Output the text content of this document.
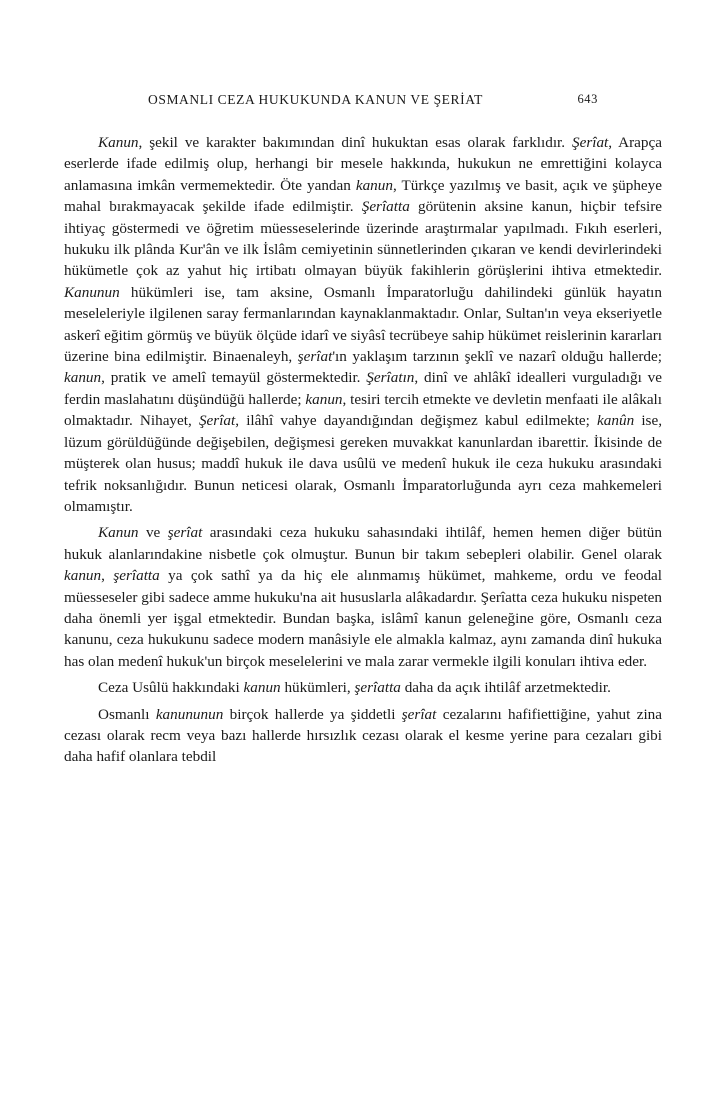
OSMANLI CEZA HUKUKUNDA KANUN VE ŞERİAT	643

Kanun, şekil ve karakter bakımından dinî hukuktan esas olarak farklıdır. Şerîat, Arapça eserlerde ifade edilmiş olup, herhangi bir mesele hakkında, hukukun ne emrettiğini kolayca anlamasına imkân vermemektedir. Öte yandan kanun, Türkçe yazılmış ve basit, açık ve şüpheye mahal bırakmayacak şekilde ifade edilmiştir. Şerîatta görütenin aksine kanun, hiçbir tefsire ihtiyaç göstermedi ve öğretim müesseselerinde üzerinde araştırmalar yapılmadı. Fıkıh eserleri, hukuku ilk plânda Kur'ân ve ilk İslâm cemiyetinin sünnetlerinden çıkaran ve kendi devirlerindeki hükümetle çok az yahut hiç irtibatı olmayan büyük fakihlerin görüşlerini ihtiva etmektedir. Kanunun hükümleri ise, tam aksine, Osmanlı İmparatorluğu dahilindeki günlük hayatın meseleleriyle ilgilenen saray fermanlarından kaynaklanmaktadır. Onlar, Sultan'ın veya ekseriyetle askerî eğitim görmüş ve büyük ölçüde idarî ve siyâsî tecrübeye sahip hükümet reislerinin kararları üzerine bina edilmiştir. Binaenaleyh, şerîat'ın yaklaşım tarzının şeklî ve nazarî olduğu hallerde; kanun, pratik ve amelî temayül göstermektedir. Şerîatın, dinî ve ahlâkî idealleri vurguladığı ve ferdin maslahatını düşündüğü hallerde; kanun, tesiri tercih etmekte ve devletin menfaati ile alâkalı olmaktadır. Nihayet, Şerîat, ilâhî vahye dayandığından değişmez kabul edilmekte; kanûn ise, lüzum görüldüğünde değişebilen, değişmesi gereken muvakkat kanunlardan ibarettir. İkisinde de müşterek olan husus; maddî hukuk ile dava usûlü ve medenî hukuk ile ceza hukuku arasındaki tefrik noksanlığıdır. Bunun neticesi olarak, Osmanlı İmparatorluğunda ayrı ceza mahkemeleri olmamıştır.

Kanun ve şerîat arasındaki ceza hukuku sahasındaki ihtilâf, hemen hemen diğer bütün hukuk alanlarındakine nisbetle çok olmuştur. Bunun bir takım sebepleri olabilir. Genel olarak kanun, şerîatta ya çok sathî ya da hiç ele alınmamış hükümet, mahkeme, ordu ve feodal müesseseler gibi sadece amme hukuku'na ait hususlarla alâkadardır. Şerîatta ceza hukuku nispeten daha önemli yer işgal etmektedir. Bundan başka, islâmî kanun geleneğine göre, Osmanlı ceza kanunu, ceza hukukunu sadece modern manâsiyle ele almakla kalmaz, aynı zamanda dinî hukuka has olan medenî hukuk'un birçok meselelerini ve mala zarar vermekle ilgili konuları ihtiva eder.

Ceza Usûlü hakkındaki kanun hükümleri, şerîatta daha da açık ihtilâf arzetmektedir.

Osmanlı kanununun birçok hallerde ya şiddetli şerîat cezalarını hafifiettiğine, yahut zina cezası olarak recm veya bazı hallerde hırsızlık cezası olarak el kesme yerine para cezaları gibi daha hafif olanlara tebdil
